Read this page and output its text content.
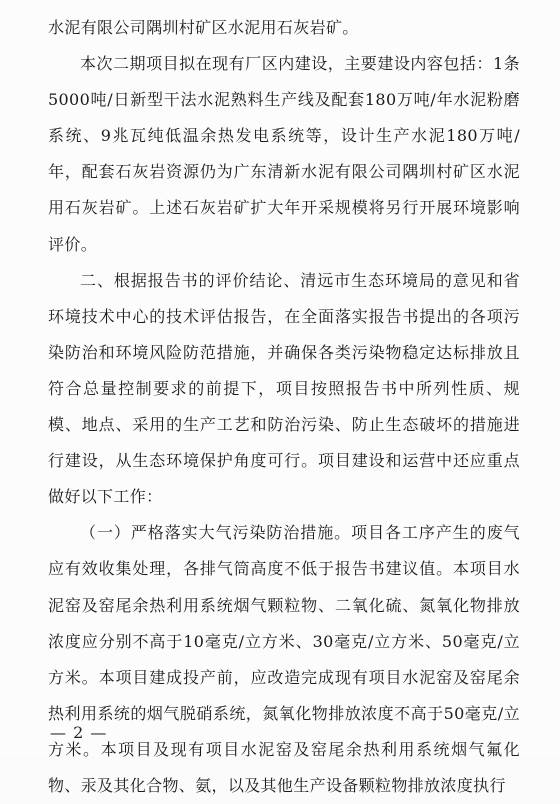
水泥有限公司隅圳村矿区水泥用石灰岩矿。

本次二期项目拟在现有厂区内建设，主要建设内容包括：1条5000吨/日新型干法水泥熟料生产线及配套180万吨/年水泥粉磨系统、9兆瓦纯低温余热发电系统等，设计生产水泥180万吨/年，配套石灰岩资源仍为广东清新水泥有限公司隅圳村矿区水泥用石灰岩矿。上述石灰岩矿扩大年开采规模将另行开展环境影响评价。

二、根据报告书的评价结论、清远市生态环境局的意见和省环境技术中心的技术评估报告，在全面落实报告书提出的各项污染防治和环境风险防范措施，并确保各类污染物稳定达标排放且符合总量控制要求的前提下，项目按照报告书中所列性质、规模、地点、采用的生产工艺和防治污染、防止生态破坏的措施进行建设，从生态环境保护角度可行。项目建设和运营中还应重点做好以下工作：

（一）严格落实大气污染防治措施。项目各工序产生的废气应有效收集处理，各排气筒高度不低于报告书建议值。本项目水泥窑及窑尾余热利用系统烟气颗粒物、二氧化硫、氮氧化物排放浓度应分别不高于10毫克/立方米、30毫克/立方米、50毫克/立方米。本项目建成投产前，应改造完成现有项目水泥窑及窑尾余热利用系统的烟气脱硝系统，氮氧化物排放浓度不高于50毫克/立方米。本项目及现有项目水泥窑及窑尾余热利用系统烟气氟化物、汞及其化合物、氨，以及其他生产设备颗粒物排放浓度执行

— 2 —
